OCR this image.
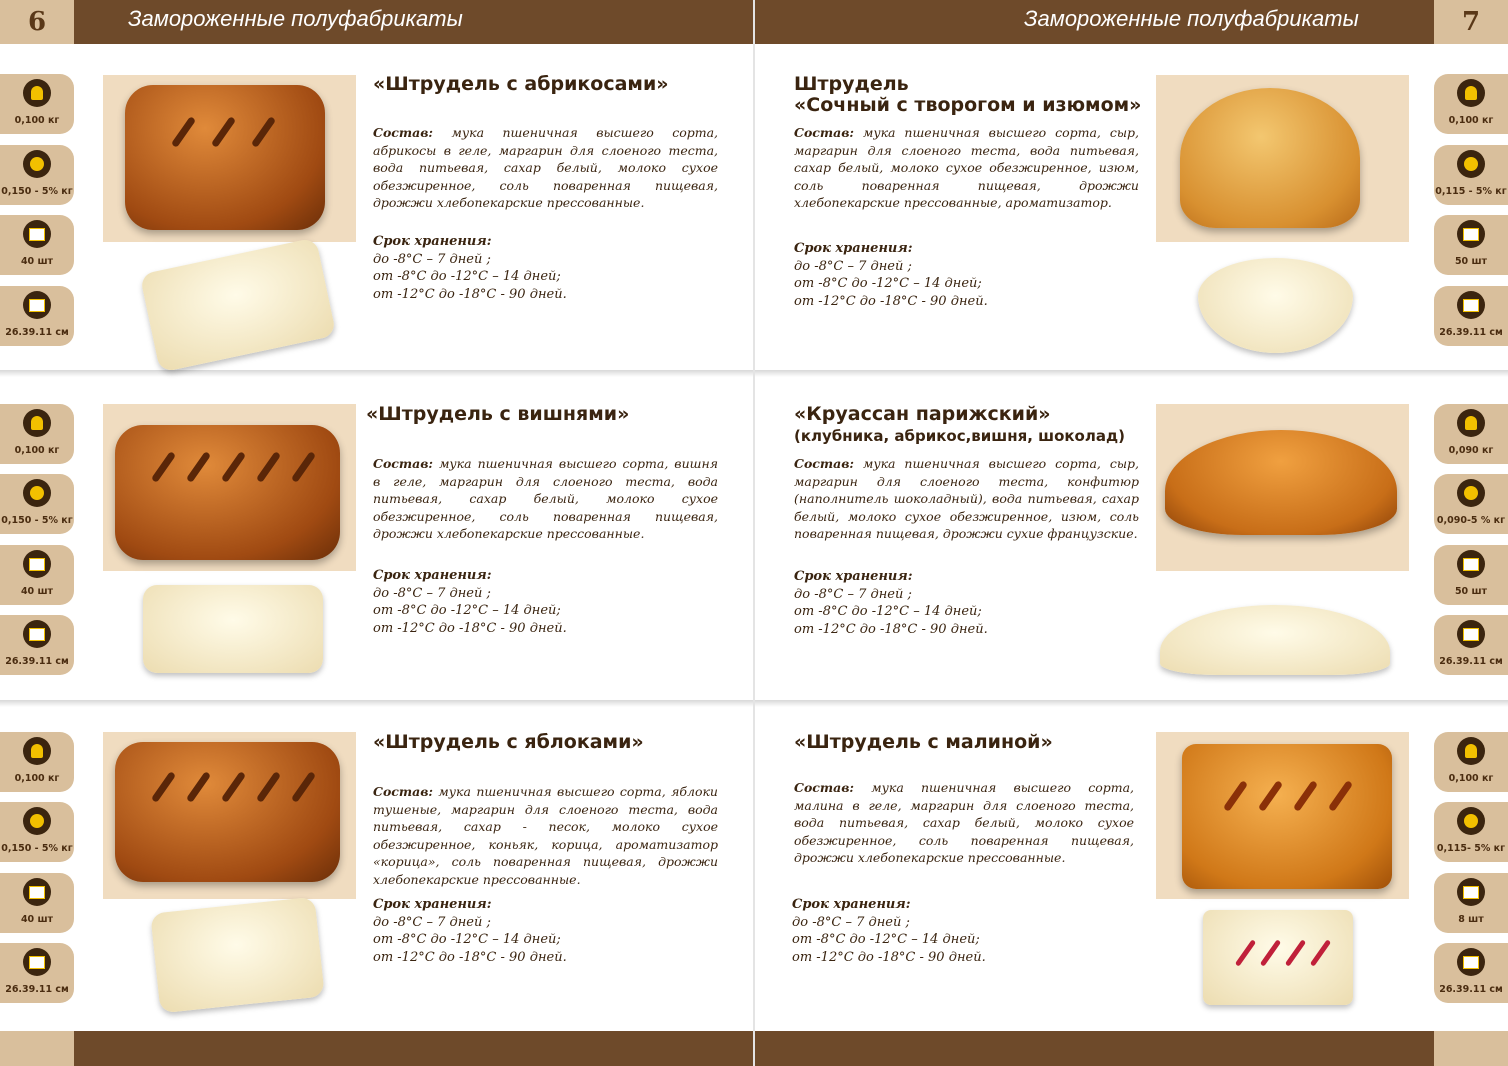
6	7
Замороженные полуфабрикаты	Замороженные полуфабрикаты
0,100 кг
0,150 - 5% кг
40 шт
26.39.11 см
«Штрудель с абрикосами»
Состав: мука пшеничная высшего сорта, абрикосы в геле, маргарин для слоеного теста, вода питьевая, сахар белый, молоко сухое обезжиренное, соль поваренная пищевая, дрожжи хлебопекарские прессованные.
Срок хранения:
до -8°С – 7 дней ;
от -8°С до -12°С – 14 дней;
от -12°С до -18°С - 90 дней.
0,100 кг
0,150 - 5% кг
40 шт
26.39.11 см
«Штрудель с вишнями»
Состав: мука пшеничная высшего сорта, вишня в геле, маргарин для слоеного теста, вода питьевая, сахар белый, молоко сухое обезжиренное, соль поваренная пищевая, дрожжи хлебопекарские прессованные.
Срок хранения:
до -8°С – 7 дней ;
от -8°С до -12°С – 14 дней;
от -12°С до -18°С - 90 дней.
0,100 кг
0,150 - 5% кг
40 шт
26.39.11 см
«Штрудель с яблоками»
Состав: мука пшеничная высшего сорта, яблоки тушеные, маргарин для слоеного теста, вода питьевая, сахар - песок, молоко сухое обезжиренное, коньяк, корица, ароматизатор «корица», соль поваренная пищевая, дрожжи хлебопекарские прессованные.
Срок хранения:
до -8°С – 7 дней ;
от -8°С до -12°С – 14 дней;
от -12°С до -18°С - 90 дней.
Штрудель
«Сочный с творогом и изюмом»
Состав: мука пшеничная высшего сорта, сыр, маргарин для слоеного теста, вода питьевая, сахар белый, молоко сухое обезжиренное, изюм, соль поваренная пищевая, дрожжи хлебопекарские прессованные, ароматизатор.
Срок хранения:
до -8°С – 7 дней ;
от -8°С до -12°С – 14 дней;
от -12°С до -18°С - 90 дней.
0,100 кг
0,115 - 5% кг
50 шт
26.39.11 см
«Круассан парижский»
(клубника, абрикос,вишня, шоколад)
Состав: мука пшеничная высшего сорта, сыр, маргарин для слоеного теста, конфитюр (наполнитель шоколадный), вода питьевая, сахар белый, молоко сухое обезжиренное, изюм, соль поваренная пищевая, дрожжи сухие французские.
Срок хранения:
до -8°С – 7 дней ;
от -8°С до -12°С – 14 дней;
от -12°С до -18°С - 90 дней.
0,090 кг
0,090-5 % кг
50 шт
26.39.11 см
«Штрудель с малиной»
Состав: мука пшеничная высшего сорта, малина в геле, маргарин для слоеного теста, вода питьевая, сахар белый, молоко сухое обезжиренное, соль поваренная пищевая, дрожжи хлебопекарские прессованные.
Срок хранения:
до -8°С – 7 дней ;
от -8°С до -12°С – 14 дней;
от -12°С до -18°С - 90 дней.
0,100 кг
0,115- 5% кг
8 шт
26.39.11 см
